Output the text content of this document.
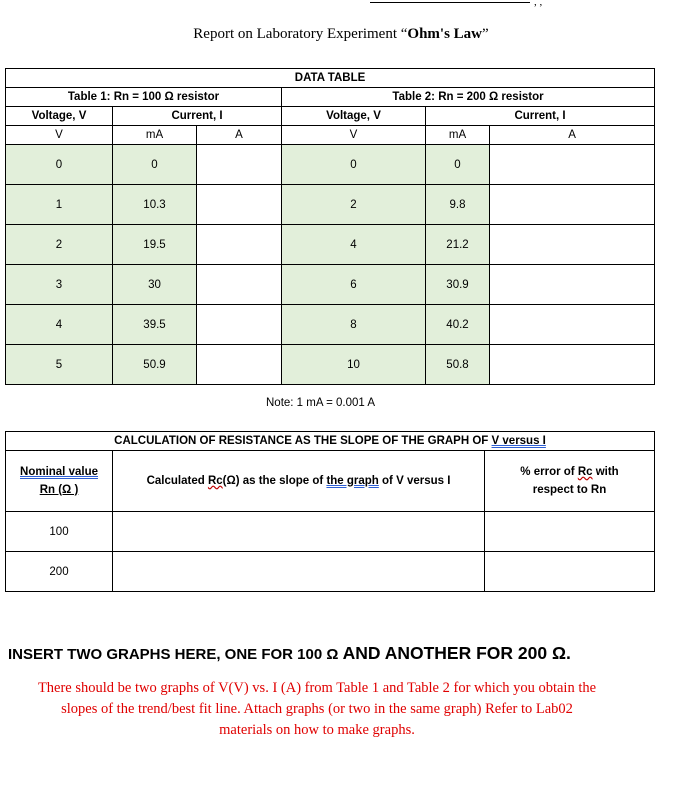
, ,
Report on Laboratory Experiment “Ohm's Law”
DATA TABLE					
Table 1: Rn = 100 Ω resistor			Table 2: Rn = 200 Ω resistor		
Voltage, V	Current, I		Voltage, V	Current, I	
V	mA	A	V	mA	A
0	0		0	0	
1	10.3		2	9.8	
2	19.5		4	21.2	
3	30		6	30.9	
4	39.5		8	40.2	
5	50.9		10	50.8	
Note: 1 mA = 0.001 A
CALCULATION OF RESISTANCE AS THE SLOPE OF THE GRAPH OF V versus I		
Nominal value
Rn (Ω )	Calculated Rc(Ω) as the slope of the graph of V versus I	% error of Rc with
respect to Rn
100		
200		
INSERT TWO GRAPHS HERE, ONE FOR 100 Ω AND ANOTHER FOR 200 Ω.
There should be two graphs of V(V) vs. I (A) from Table 1 and Table 2 for which you obtain the
slopes of the trend/best fit line. Attach graphs (or two in the same graph) Refer to Lab02
materials on how to make graphs.
